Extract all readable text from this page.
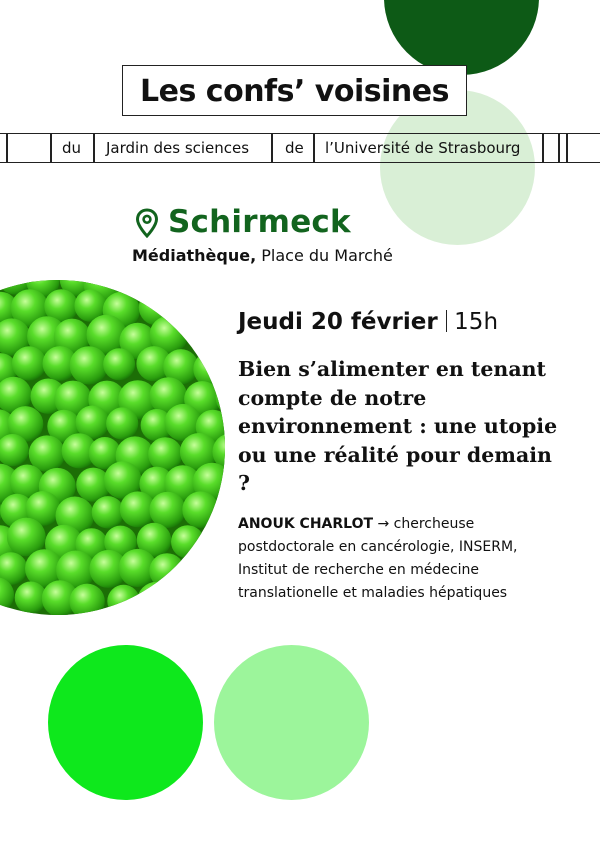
Les confs’ voisines
du Jardin des sciences de l’Université de Strasbourg
Schirmeck
Médiathèque, Place du Marché
Jeudi 20 février 15h
Bien s’alimenter en tenant compte de notre environnement : une utopie ou une réalité pour demain ?
ANOUK CHARLOT → chercheuse postdoctorale en cancérologie, INSERM, Institut de recherche en médecine translationelle et maladies hépatiques
